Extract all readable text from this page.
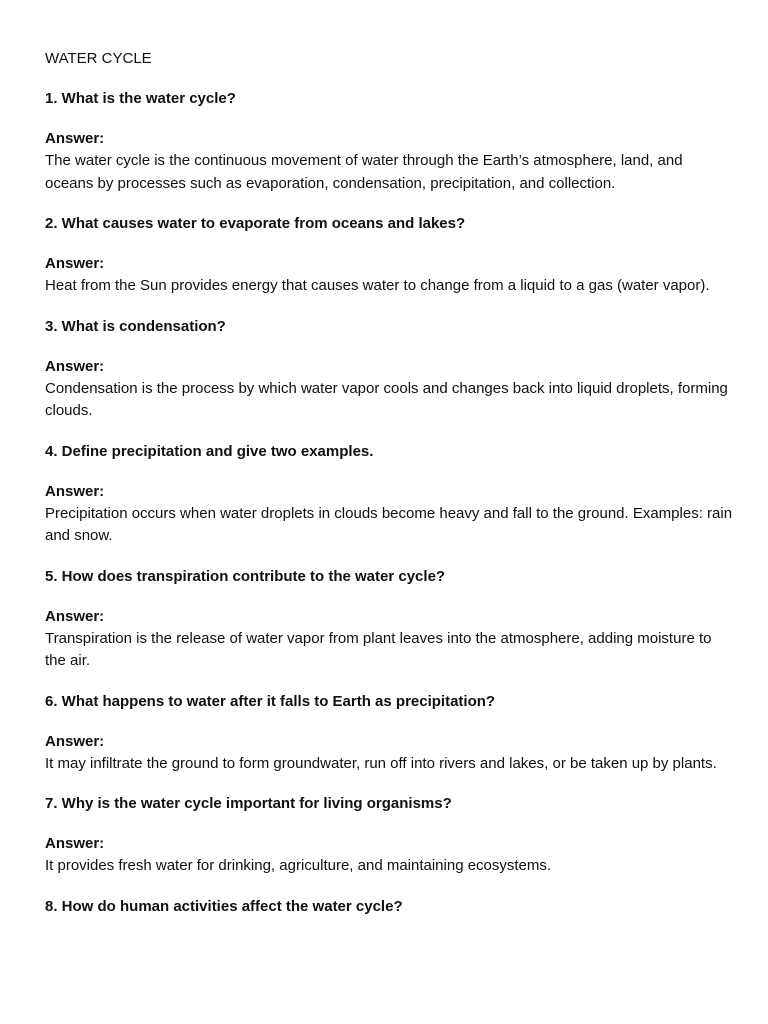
WATER CYCLE

1. What is the water cycle?

Answer:

The water cycle is the continuous movement of water through the Earth’s atmosphere, land, and oceans by processes such as evaporation, condensation, precipitation, and collection.

2. What causes water to evaporate from oceans and lakes?

Answer:

Heat from the Sun provides energy that causes water to change from a liquid to a gas (water vapor).

3. What is condensation?

Answer:

Condensation is the process by which water vapor cools and changes back into liquid droplets, forming clouds.

4. Define precipitation and give two examples.

Answer:

Precipitation occurs when water droplets in clouds become heavy and fall to the ground. Examples: rain and snow.

5. How does transpiration contribute to the water cycle?

Answer:

Transpiration is the release of water vapor from plant leaves into the atmosphere, adding moisture to the air.

6. What happens to water after it falls to Earth as precipitation?

Answer:

It may infiltrate the ground to form groundwater, run off into rivers and lakes, or be taken up by plants.

7. Why is the water cycle important for living organisms?

Answer:

It provides fresh water for drinking, agriculture, and maintaining ecosystems.

8. How do human activities affect the water cycle?
